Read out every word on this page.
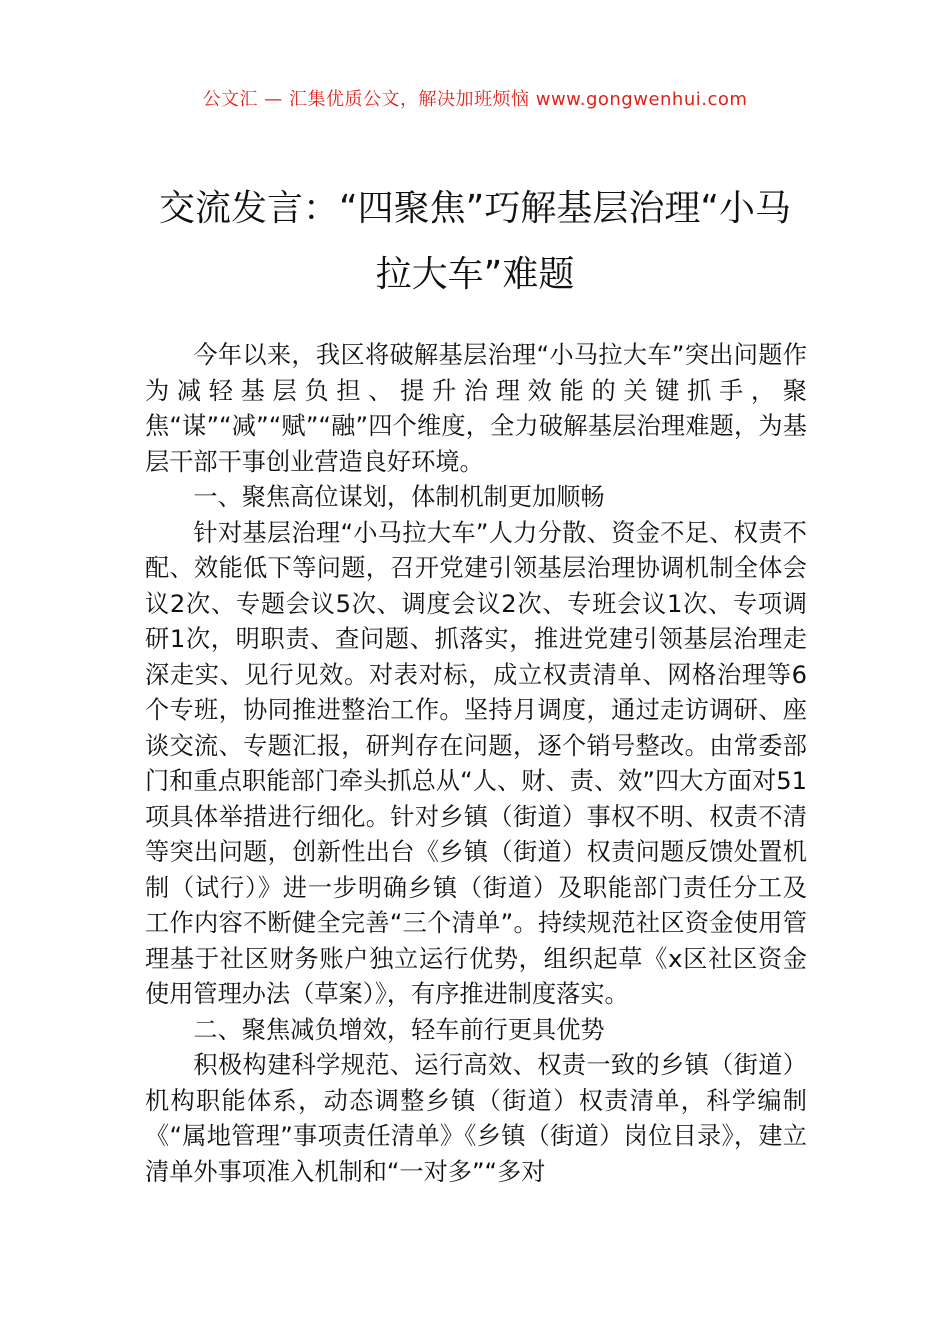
公文汇 — 汇集优质公文，解决加班烦恼 www.gongwenhui.com
交流发言：“四聚焦”巧解基层治理“小马拉大车”难题

今年以来，我区将破解基层治理“小马拉大车”突出问题作为减轻基层负担、提升治理效能的关键抓手，聚焦“谋”“减”“赋”“融”四个维度，全力破解基层治理难题，为基层干部干事创业营造良好环境。

一、聚焦高位谋划，体制机制更加顺畅

针对基层治理“小马拉大车”人力分散、资金不足、权责不配、效能低下等问题，召开党建引领基层治理协调机制全体会议2次、专题会议5次、调度会议2次、专班会议1次、专项调研1次，明职责、查问题、抓落实，推进党建引领基层治理走深走实、见行见效。对表对标，成立权责清单、网格治理等6个专班，协同推进整治工作。坚持月调度，通过走访调研、座谈交流、专题汇报，研判存在问题，逐个销号整改。由常委部门和重点职能部门牵头抓总从“人、财、责、效”四大方面对51项具体举措进行细化。针对乡镇（街道）事权不明、权责不清等突出问题，创新性出台《乡镇（街道）权责问题反馈处置机制（试行）》进一步明确乡镇（街道）及职能部门责任分工及工作内容不断健全完善“三个清单”。持续规范社区资金使用管理基于社区财务账户独立运行优势，组织起草《x区社区资金使用管理办法（草案）》，有序推进制度落实。

二、聚焦减负增效，轻车前行更具优势

积极构建科学规范、运行高效、权责一致的乡镇（街道）机构职能体系，动态调整乡镇（街道）权责清单，科学编制《“属地管理”事项责任清单》《乡镇（街道）岗位目录》，建立清单外事项准入机制和“一对多”“多对
